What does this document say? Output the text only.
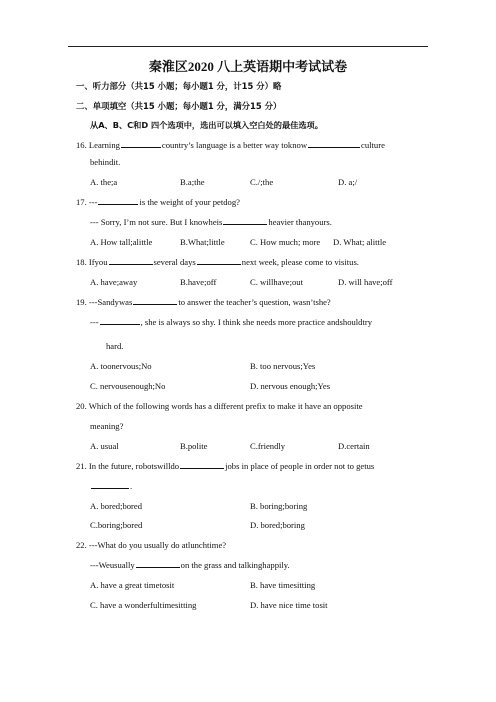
秦淮区2020 八上英语期中考试试卷
一、听力部分（共15 小题；每小题1 分，计15 分）略
二、单项填空（共15 小题；每小题1 分，满分15 分）
从A、B、C和D 四个选项中，选出可以填入空白处的最佳选项。
16. Learning	country’s language is a better way toknow	culture
behindit.
A. the;a	B.a;the	C./;the	D. a;/
17. ---	is the weight of your petdog?
--- Sorry, I’m not sure. But I knowheis	heavier thanyours.
A. How tall;alittle	B.What;little	C. How much; more D. What; alittle
18. Ifyou	several days	next week, please come to visitus.
A. have;away	B.have;off	C. willhave;out	D. will have;off
19. ---Sandywas	to answer the teacher’s question, wasn’tshe?
---	, she is always so shy. I think she needs more practice andshouldtry
hard.
A. toonervous;No	B. too nervous;Yes
C. nervousenough;No	D. nervous enough;Yes
20. Which of the following words has a different prefix to make it have an opposite
meaning?
A. usual	B.polite	C.friendly	D.certain
21. In the future, robotswilldo	jobs in place of people in order not to getus
.
A. bored;bored	B. boring;boring
C.boring;bored	D. bored;boring
22. ---What do you usually do atlunchtime?
---Weusually	on the grass and talkinghappily.
A. have a great timetosit	B. have timesitting
C. have a wonderfultimesitting	D. have nice time tosit
